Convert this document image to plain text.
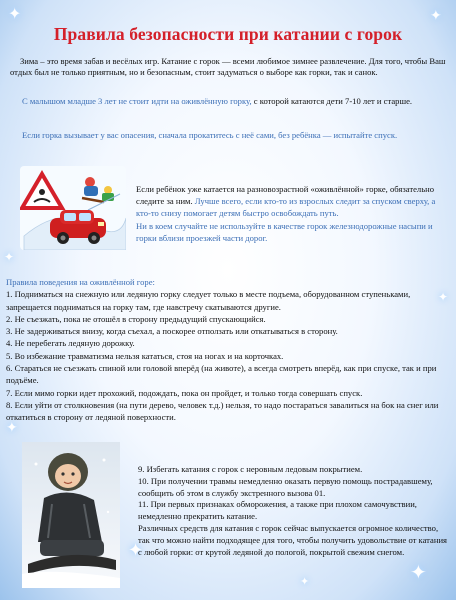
✦	✦
✦
✦
✦
✦
✦
✦
Правила безопасности при катании с горок

Зима – это время забав и весёлых игр. Катание с горок — всеми любимое зимнее развлечение. Для того, чтобы Ваш отдых был не только приятным, но и безопасным, стоит задуматься о выборе как горки, так и санок.

С малышом младше 3 лет не стоит идти на оживлённую горку, с которой катаются дети 7-10 лет и старше.

Если горка вызывает у вас опасения, сначала прокатитесь с неё сами, без ребёнка — испытайте спуск.

Если ребёнок уже катается на разновозрастной «оживлённой» горке, обязательно следите за ним. Лучше всего, если кто-то из взрослых следит за спуском сверху, а кто-то снизу помогает детям быстро освобождать путь.

Ни в коем случайте не используйте в качестве горок железнодорожные насыпи и горки вблизи проезжей части дорог.

Правила поведения на оживлённой горе:
1. Подниматься на снежную или ледяную горку следует только в месте подъема, оборудованном ступеньками, запрещается подниматься на горку там, где навстречу скатываются другие.
2. Не съезжать, пока не отошёл в сторону предыдущий спускающийся.
3. Не задерживаться внизу, когда съехал, а поскорее отползать или откатываться в сторону.
4. Не перебегать ледяную дорожку.
5. Во избежание травматизма нельзя кататься, стоя на ногах и на корточках.
6. Стараться не съезжать спиной или головой вперёд (на животе), а всегда смотреть вперёд, как при спуске, так и при подъёме.
7. Если мимо горки идет прохожий, подождать, пока он пройдет, и только тогда совершать спуск.
8. Если уйти от столкновения (на пути дерево, человек т.д.) нельзя, то надо постараться завалиться на бок на снег или откатиться в сторону от ледяной поверхности.
9. Избегать катания с горок с неровным ледовым покрытием.
10. При получении травмы немедленно оказать первую помощь пострадавшему, сообщить об этом в службу экстренного вызова 01.
11. При первых признаках обморожения, а также при плохом самочувствии, немедленно прекратить катание.
Различных средств для катания с горок сейчас выпускается огромное количество, так что можно найти подходящее для того, чтобы получить удовольствие от катания с любой горки: от крутой ледяной до пологой, покрытой свежим снегом.
